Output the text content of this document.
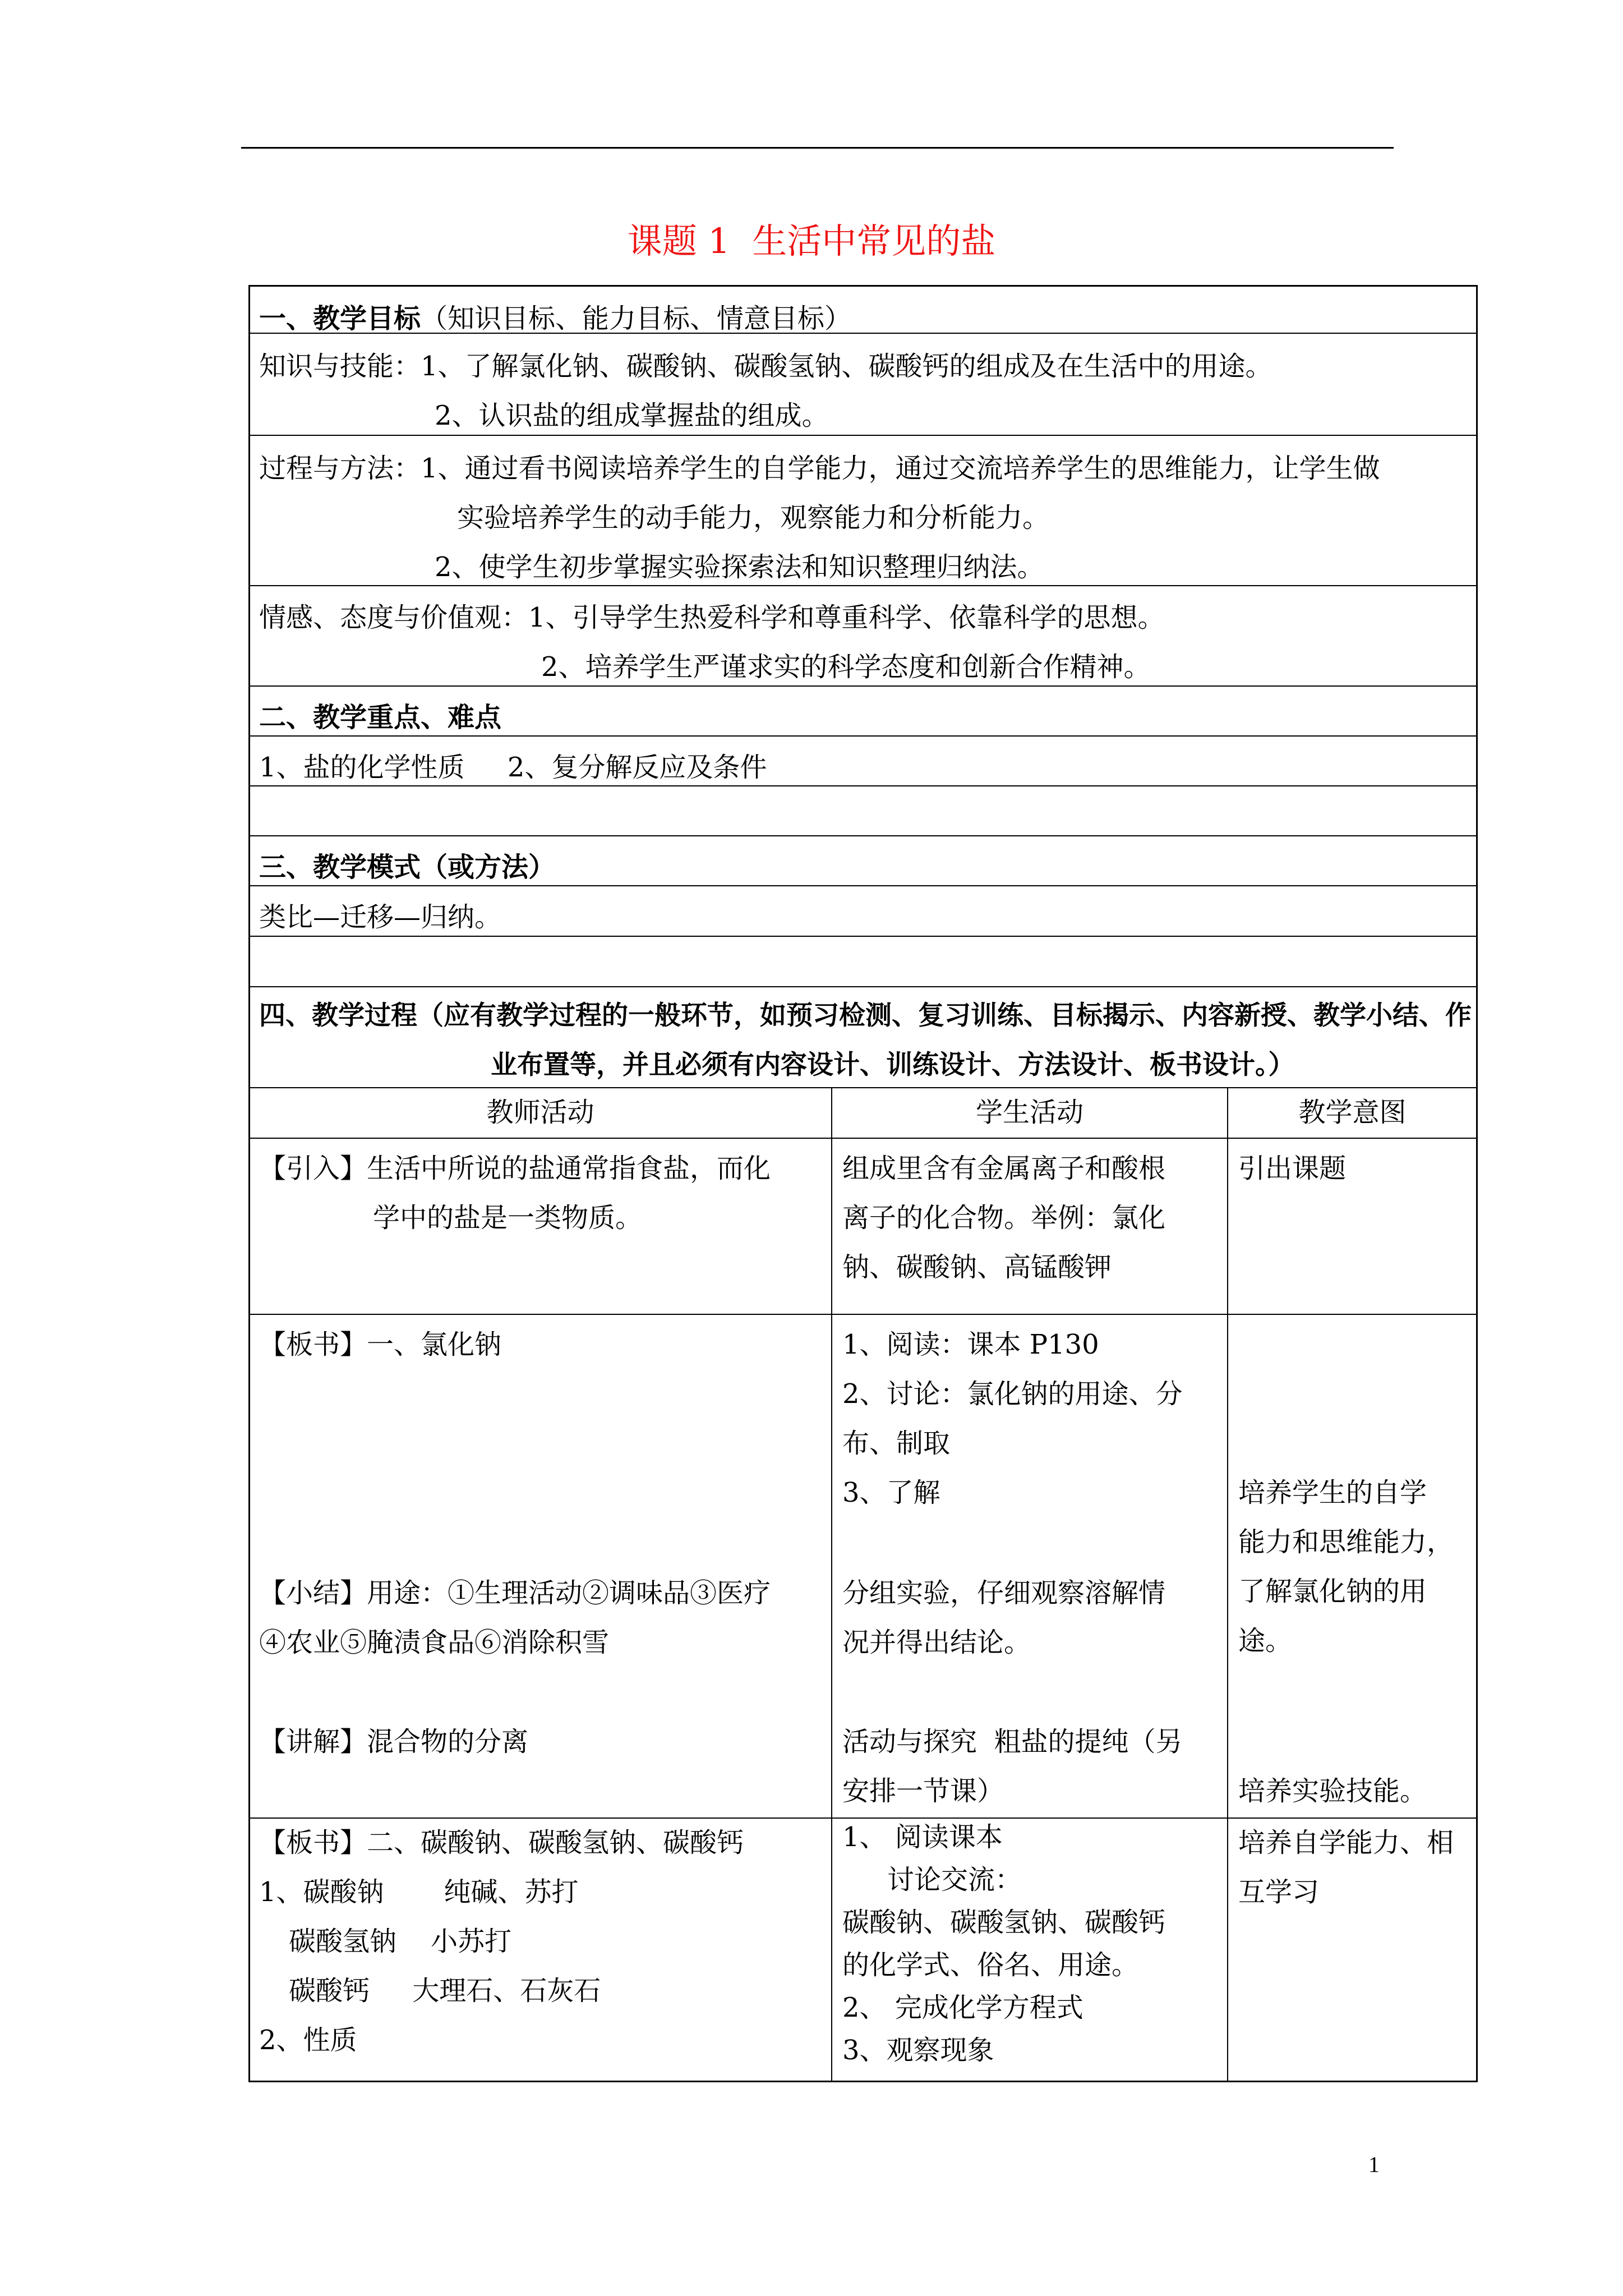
课题 1  生活中常见的盐
一、教学目标（知识目标、能力目标、情意目标）
知识与技能：1、了解氯化钠、碳酸钠、碳酸氢钠、碳酸钙的组成及在生活中的用途。
2、认识盐的组成掌握盐的组成。
过程与方法：1、通过看书阅读培养学生的自学能力，通过交流培养学生的思维能力，让学生做
实验培养学生的动手能力，观察能力和分析能力。
2、使学生初步掌握实验探索法和知识整理归纳法。
情感、态度与价值观：1、引导学生热爱科学和尊重科学、依靠科学的思想。
2、培养学生严谨求实的科学态度和创新合作精神。
二、教学重点、难点
1、盐的化学性质     2、复分解反应及条件
三、教学模式（或方法）
类比—迁移—归纳。
四、教学过程（应有教学过程的一般环节，如预习检测、复习训练、目标揭示、内容新授、教学小结、作
业布置等，并且必须有内容设计、训练设计、方法设计、板书设计。）
教师活动	学生活动	教学意图
【引入】生活中所说的盐通常指食盐，而化
学中的盐是一类物质。
组成里含有金属离子和酸根
离子的化合物。举例：氯化
钠、碳酸钠、高锰酸钾
引出课题
【板书】一、氯化钠
【小结】用途：①生理活动②调味品③医疗
④农业⑤腌渍食品⑥消除积雪
【讲解】混合物的分离
1、阅读：课本 P130
2、讨论：氯化钠的用途、分
布、制取
3、了解
分组实验，仔细观察溶解情
况并得出结论。
活动与探究  粗盐的提纯（另
安排一节课）
培养学生的自学
能力和思维能力，
了解氯化钠的用
途。
培养实验技能。
【板书】二、碳酸钠、碳酸氢钠、碳酸钙
1、碳酸钠       纯碱、苏打
碳酸氢钠    小苏打
碳酸钙     大理石、石灰石
2、性质
1、 阅读课本
讨论交流：
碳酸钠、碳酸氢钠、碳酸钙
的化学式、俗名、用途。
2、 完成化学方程式
3、观察现象
培养自学能力、相
互学习
1
